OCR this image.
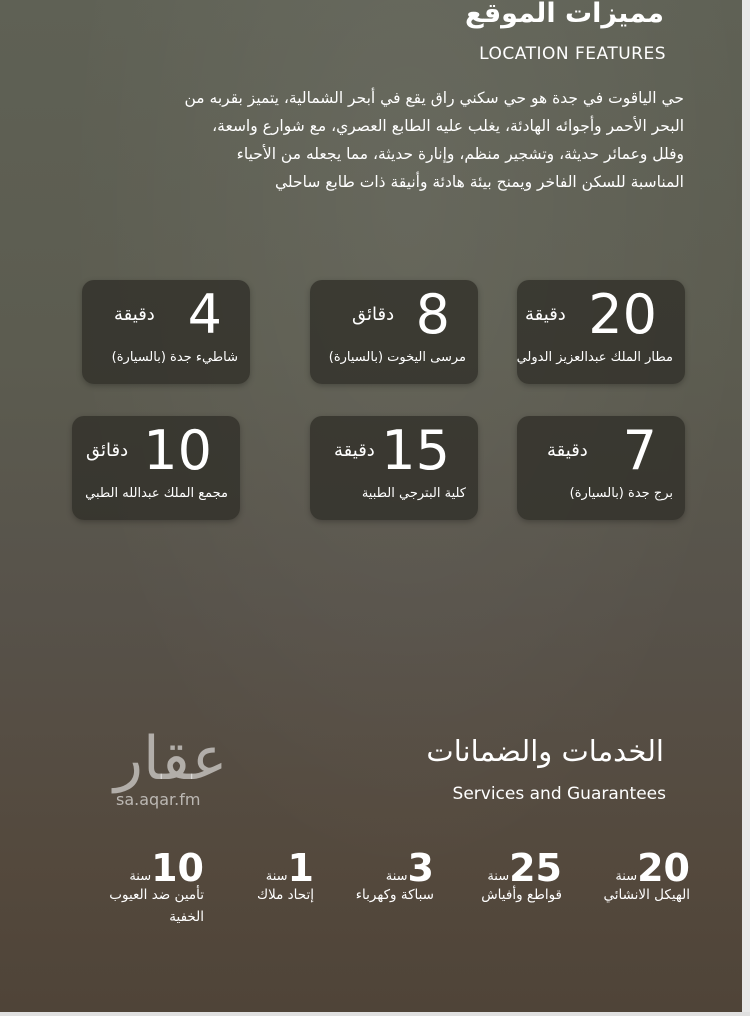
مميزات الموقع
LOCATION FEATURES
حي الياقوت في جدة هو حي سكني راق يقع في أبحر الشمالية، يتميز بقربه من
البحر الأحمر وأجوائه الهادئة، يغلب عليه الطابع العصري، مع شوارع واسعة،
وفلل وعمائر حديثة، وتشجير منظم، وإنارة حديثة، مما يجعله من الأحياء
المناسبة للسكن الفاخر ويمنح بيئة هادئة وأنيقة ذات طابع ساحلي
20
دقيقة
مطار الملك عبدالعزيز الدولي
8
دقائق
مرسى اليخوت (بالسيارة)
4
دقيقة
شاطيء جدة (بالسيارة)
7
دقيقة
برج جدة (بالسيارة)
15
دقيقة
كلية البترجي الطبية
10
دقائق
مجمع الملك عبدالله الطبي
عقار
sa.aqar.fm
الخدمات والضمانات
Services and Guarantees
20سنة
الهيكل الانشائي
25سنة
قواطع وأفياش
3سنة
سباكة وكهرباء
1سنة
إتحاد ملاك
10سنة
تأمين ضد العيوب
الخفية
